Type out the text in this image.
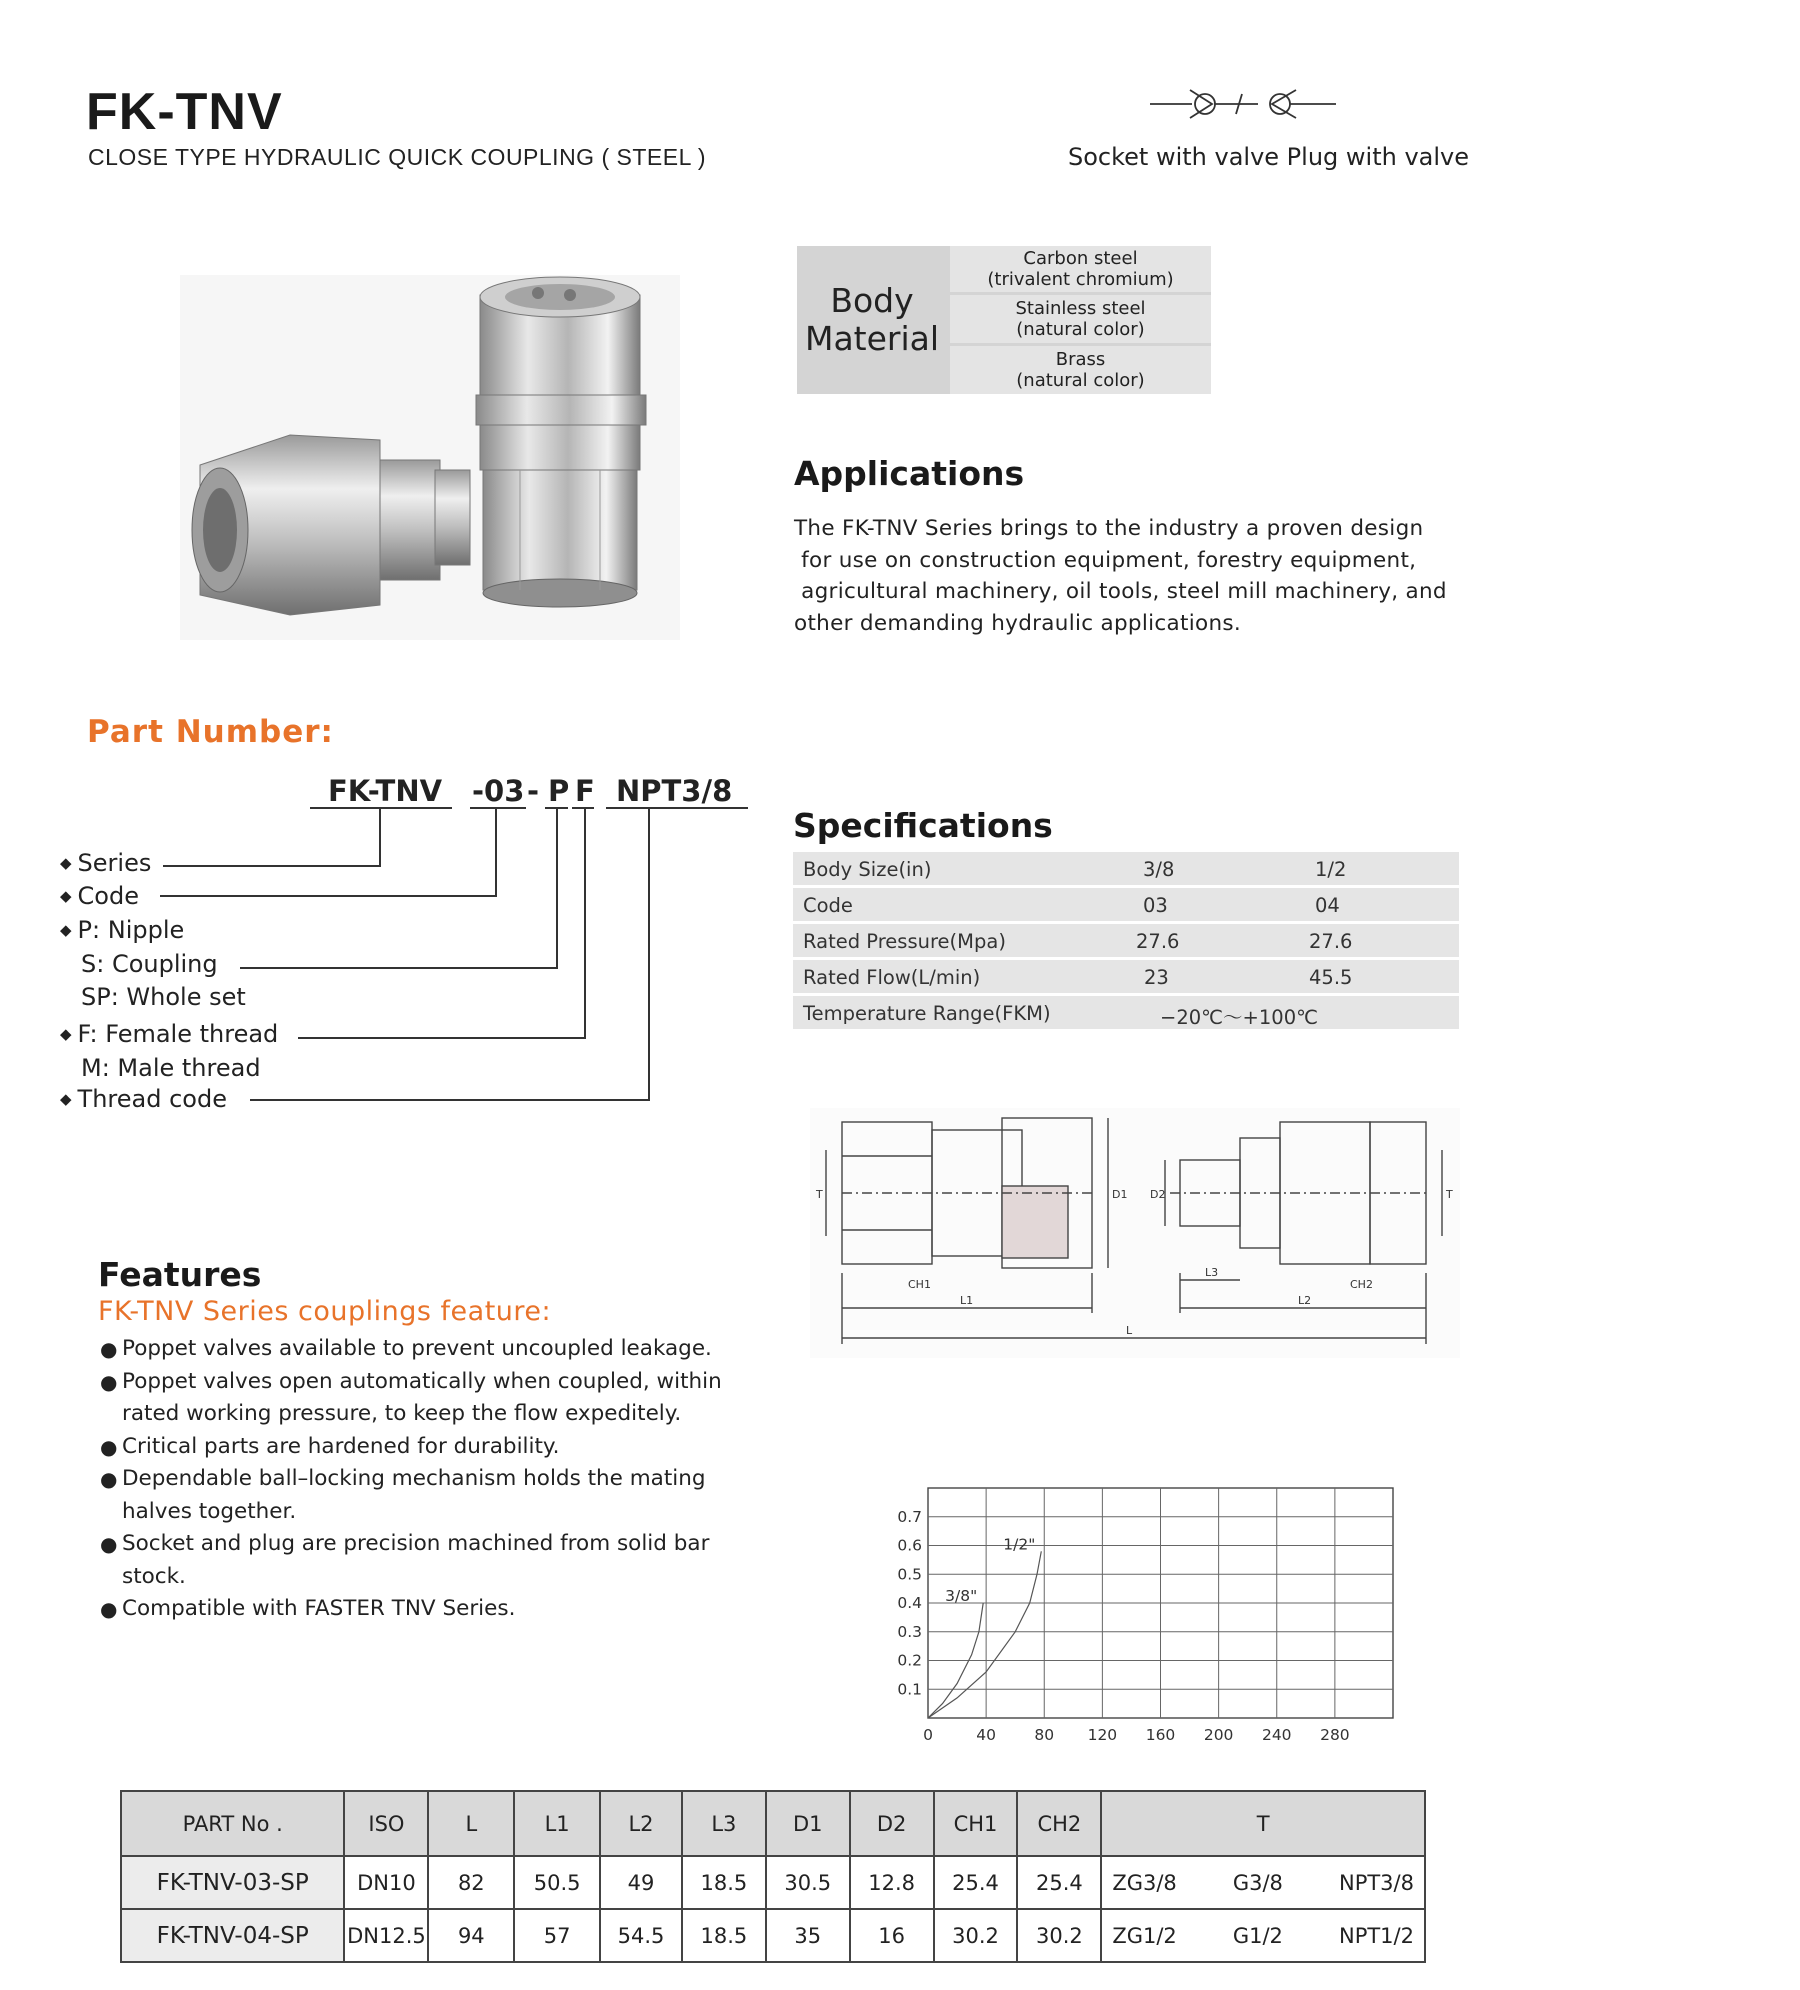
FK-TNV
CLOSE TYPE HYDRAULIC QUICK COUPLING ( STEEL )	Socket with valve Plug with valve
Body
Material
Carbon steel
(trivalent chromium)
Stainless steel
(natural color)
Brass
(natural color)
Applications
The FK-TNV Series brings to the industry a proven design
for use on construction equipment, forestry equipment,
agricultural machinery, oil tools, steel mill machinery, and
other demanding hydraulic applications.
Part Number:
FK-TNV -03 - P F NPT3/8
◆ Series
◆ Code
◆ P: Nipple
S: Coupling
SP: Whole set
◆ F: Female thread
M: Male thread
◆ Thread code
Specifications
Body Size(in)	3/8	1/2
Code	03	04
Rated Pressure(Mpa)	27.6	27.6
Rated Flow(L/min)	23	45.5
Temperature Range(FKM)	−20℃～+100℃
T	D1 D2	T
CH1	CH2
L1
L3
L2
L
0	40 80 120 160 200 240 280
0.1
0.2
0.3
0.4
0.5
0.6
0.7
3/8"
1/2"
Features
FK-TNV Series couplings feature:
● Poppet valves available to prevent uncoupled leakage.
● Poppet valves open automatically when coupled, within rated working pressure, to keep the flow expeditely.
● Critical parts are hardened for durability.
● Dependable ball–locking mechanism holds the mating halves together.
● Socket and plug are precision machined from solid bar stock.
● Compatible with FASTER TNV Series.
PART No .	ISO	L	L1	L2	L3	D1	D2	CH1	CH2	T
FK-TNV-03-SP	DN10	82	50.5	49	18.5	30.5	12.8	25.4	25.4	ZG3/8 G3/8 NPT3/8

FK-TNV-04-SP	DN12.5	94	57	54.5	18.5	35	16	30.2	30.2	ZG1/2 G1/2 NPT1/2
